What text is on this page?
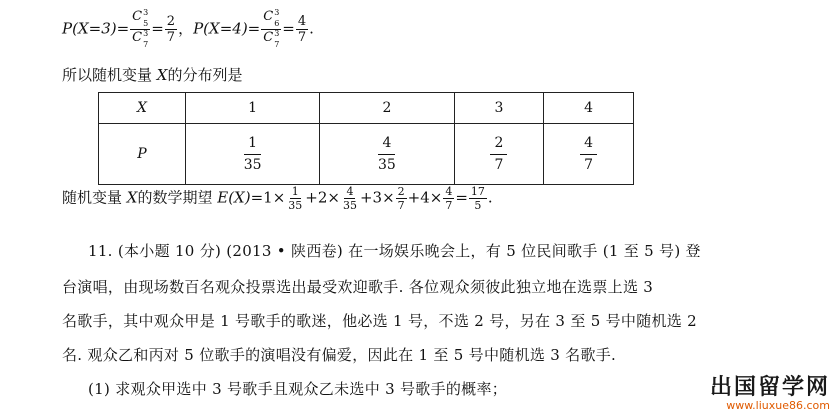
P(X=3)= C 3
5
C 3
$7 = \frac{2}{7}$ ，P(X=4)= C 3
6
C 3
$7 = \frac{4}{7}$ .
所以随机变量 X的分布列是
X	1	2	3	4
P	$\frac{1}{35}$	$\frac{4}{35}$	$\frac{2}{7}$	$\frac{4}{7}$
随机变量 X的数学期望 $E(X)=1\times \frac{1}{35} +2\times \frac{4}{35} +3\times \frac{2}{7} +4\times \frac{4}{7} = \frac{17}{5}$ .
11. (本小题 10 分) (2013 • 陕西卷) 在一场娱乐晚会上，有 5 位民间歌手 (1 至 5 号) 登
台演唱，由现场数百名观众投票选出最受欢迎歌手. 各位观众须彼此独立地在选票上选 3
名歌手，其中观众甲是 1 号歌手的歌迷，他必选 1 号，不选 2 号，另在 3 至 5 号中随机选 2
名. 观众乙和丙对 5 位歌手的演唱没有偏爱，因此在 1 至 5 号中随机选 3 名歌手.
(1) 求观众甲选中 3 号歌手且观众乙未选中 3 号歌手的概率；	出国留学网
www.liuxue86.com
